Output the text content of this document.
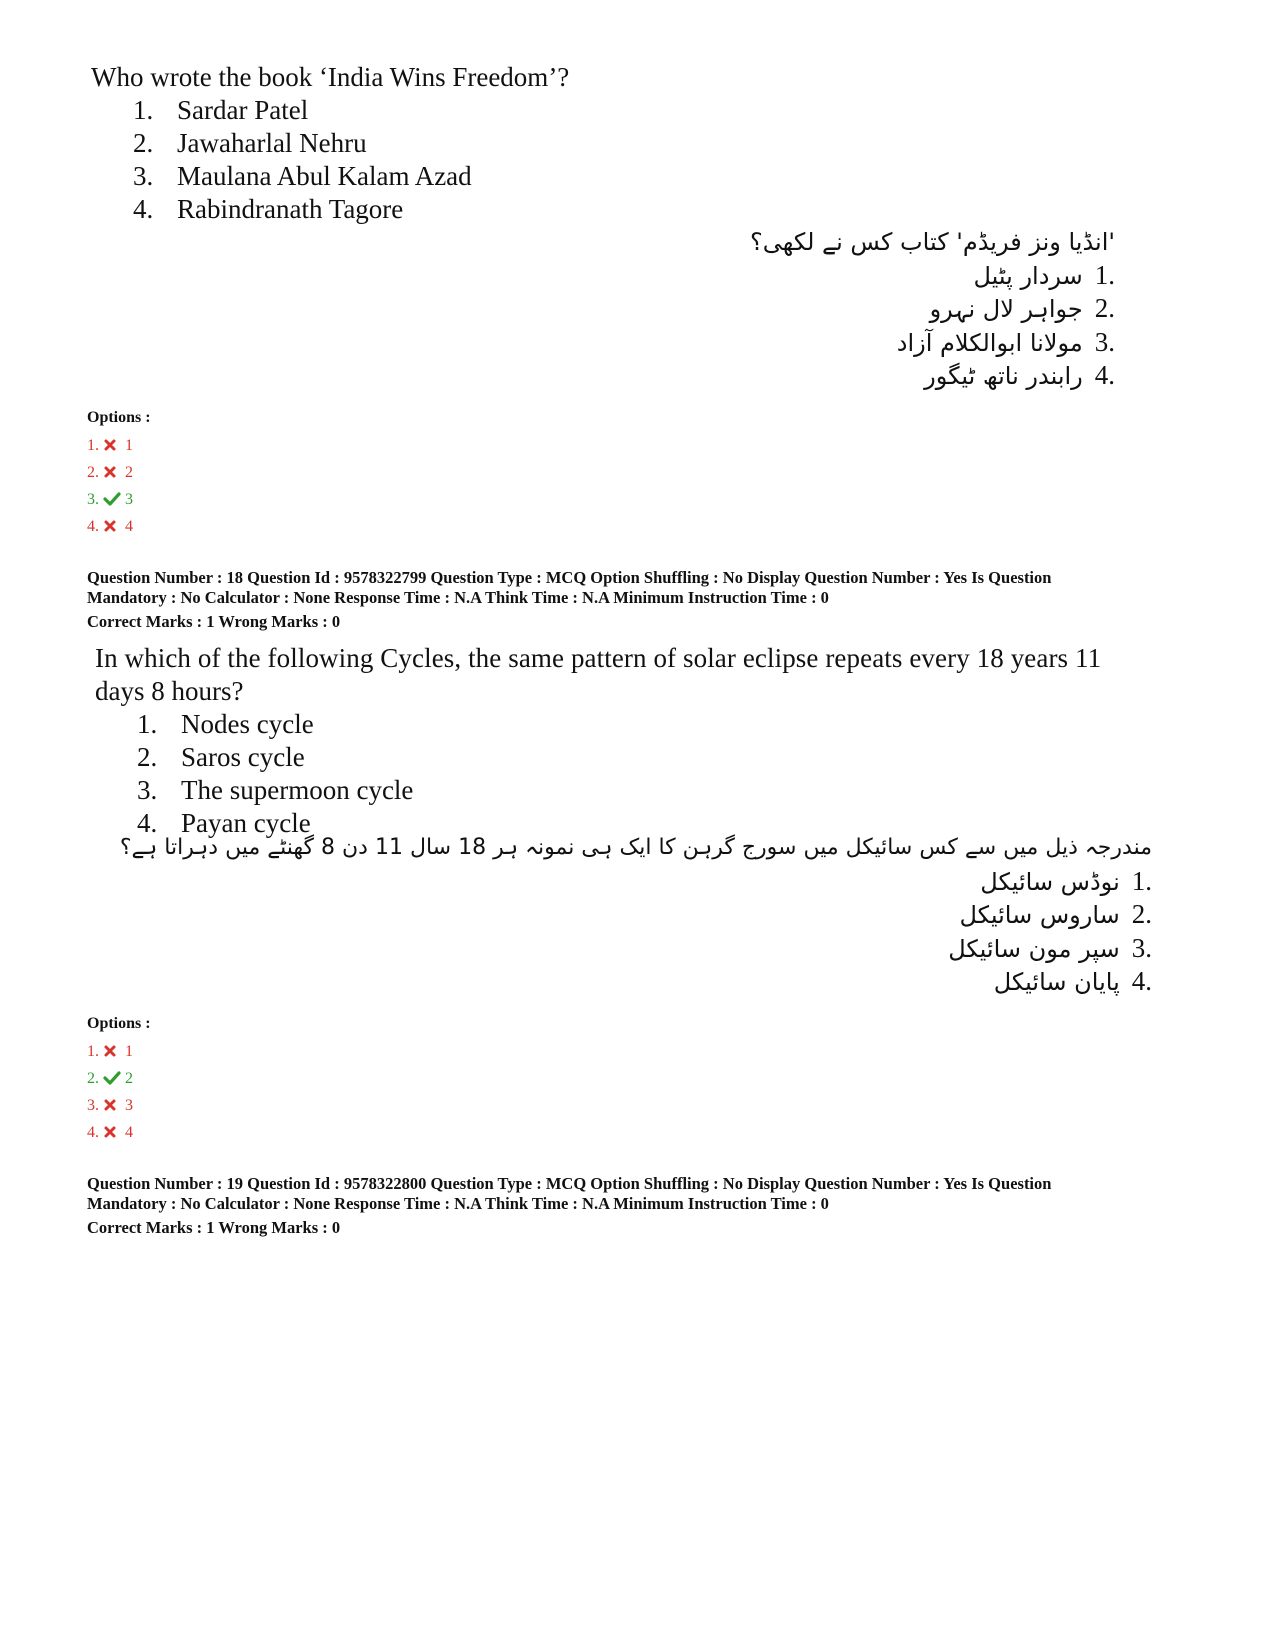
Who wrote the book ‘India Wins Freedom’?

1. Sardar Patel
2. Jawaharlal Nehru
3. Maulana Abul Kalam Azad
4. Rabindranath Tagore
'انڈیا ونز فریڈم' کتاب کس نے لکھی؟
1.سردار پٹیل
2.جواہر لال نہرو
3.مولانا ابوالکلام آزاد
4.رابندر ناتھ ٹیگور
Options :
1. 1
2. 2
3. 3
4. 4
Question Number : 18 Question Id : 9578322799 Question Type : MCQ Option Shuffling : No Display Question Number : Yes Is Question
Mandatory : No Calculator : None Response Time : N.A Think Time : N.A Minimum Instruction Time : 0
Correct Marks : 1 Wrong Marks : 0

In which of the following Cycles, the same pattern of solar eclipse repeats every 18 years 11

days 8 hours?

1. Nodes cycle
2. Saros cycle
3. The supermoon cycle
4. Payan cycle
مندرجہ ذیل میں سے کس سائیکل میں سورج گرہن کا ایک ہی نمونہ ہر 18 سال 11 دن 8 گھنٹے میں دہراتا ہے؟
1.نوڈس سائیکل
2.ساروس سائیکل
3.سپر مون سائیکل
4.پایان سائیکل
Options :
1. 1
2. 2
3. 3
4. 4
Question Number : 19 Question Id : 9578322800 Question Type : MCQ Option Shuffling : No Display Question Number : Yes Is Question
Mandatory : No Calculator : None Response Time : N.A Think Time : N.A Minimum Instruction Time : 0
Correct Marks : 1 Wrong Marks : 0
